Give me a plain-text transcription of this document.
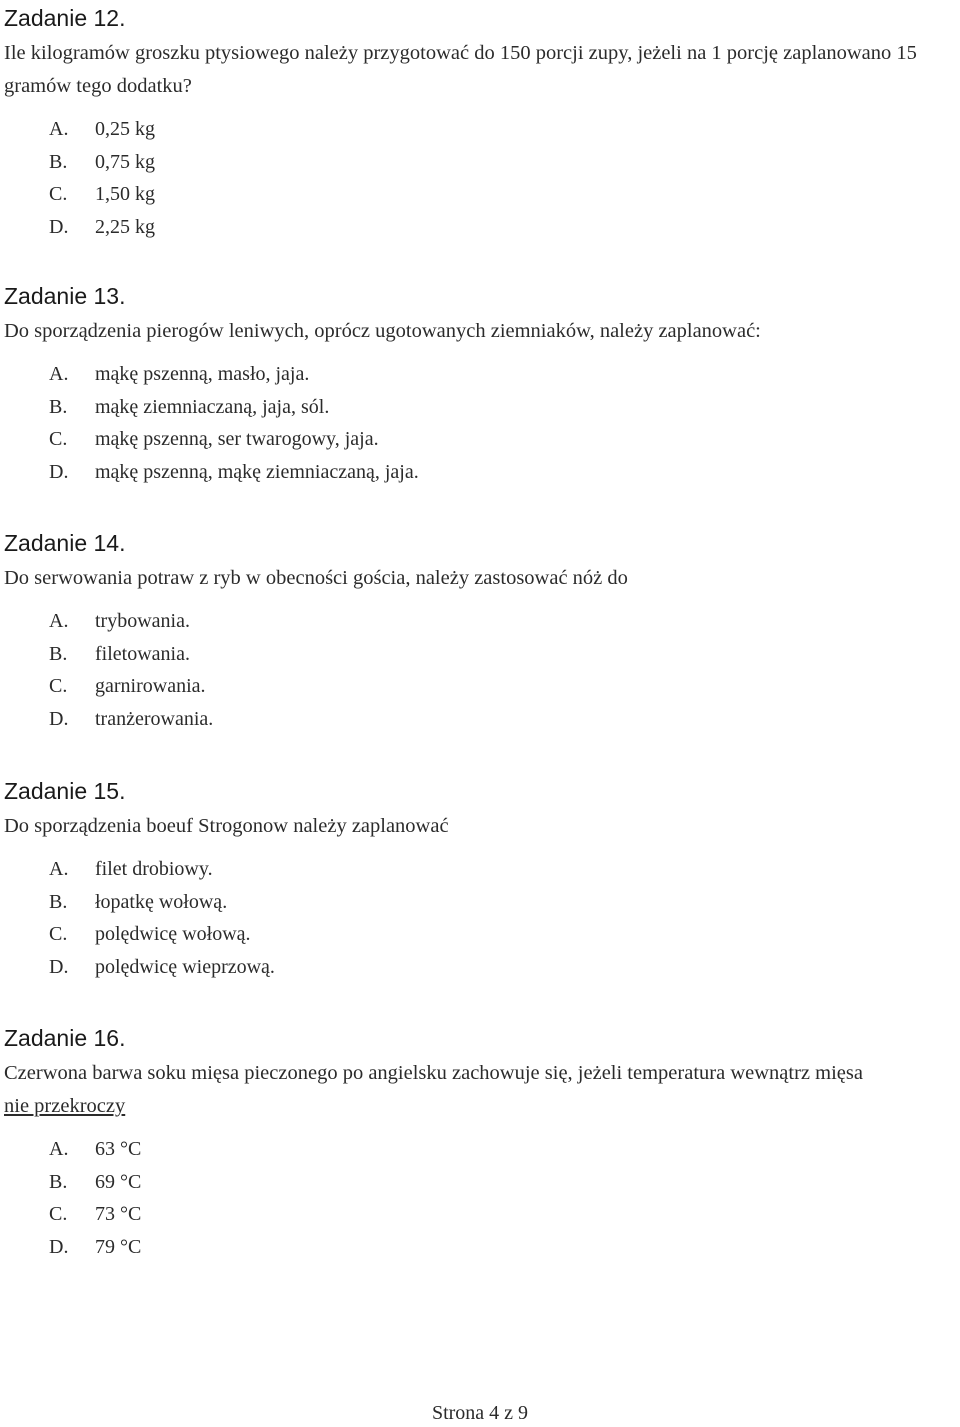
Zadanie 12.
Ile kilogramów groszku ptysiowego należy przygotować do 150 porcji zupy, jeżeli na 1 porcję zaplanowano 15 gramów tego dodatku?
A. 0,25 kg
B. 0,75 kg
C. 1,50 kg
D. 2,25 kg
Zadanie 13.
Do sporządzenia pierogów leniwych, oprócz ugotowanych ziemniaków, należy zaplanować:
A. mąkę pszenną, masło, jaja.
B. mąkę ziemniaczaną, jaja, sól.
C. mąkę pszenną, ser twarogowy, jaja.
D. mąkę pszenną, mąkę ziemniaczaną, jaja.
Zadanie 14.
Do serwowania potraw z ryb w obecności gościa, należy zastosować nóż do
A. trybowania.
B. filetowania.
C. garnirowania.
D. tranżerowania.
Zadanie 15.
Do sporządzenia boeuf Strogonow należy zaplanować
A. filet drobiowy.
B. łopatkę wołową.
C. polędwicę wołową.
D. polędwicę wieprzową.
Zadanie 16.
Czerwona barwa soku mięsa pieczonego po angielsku zachowuje się, jeżeli temperatura wewnątrz mięsa
nie przekroczy
A. 63 °C
B. 69 °C
C. 73 °C
D. 79 °C
Strona 4 z 9
